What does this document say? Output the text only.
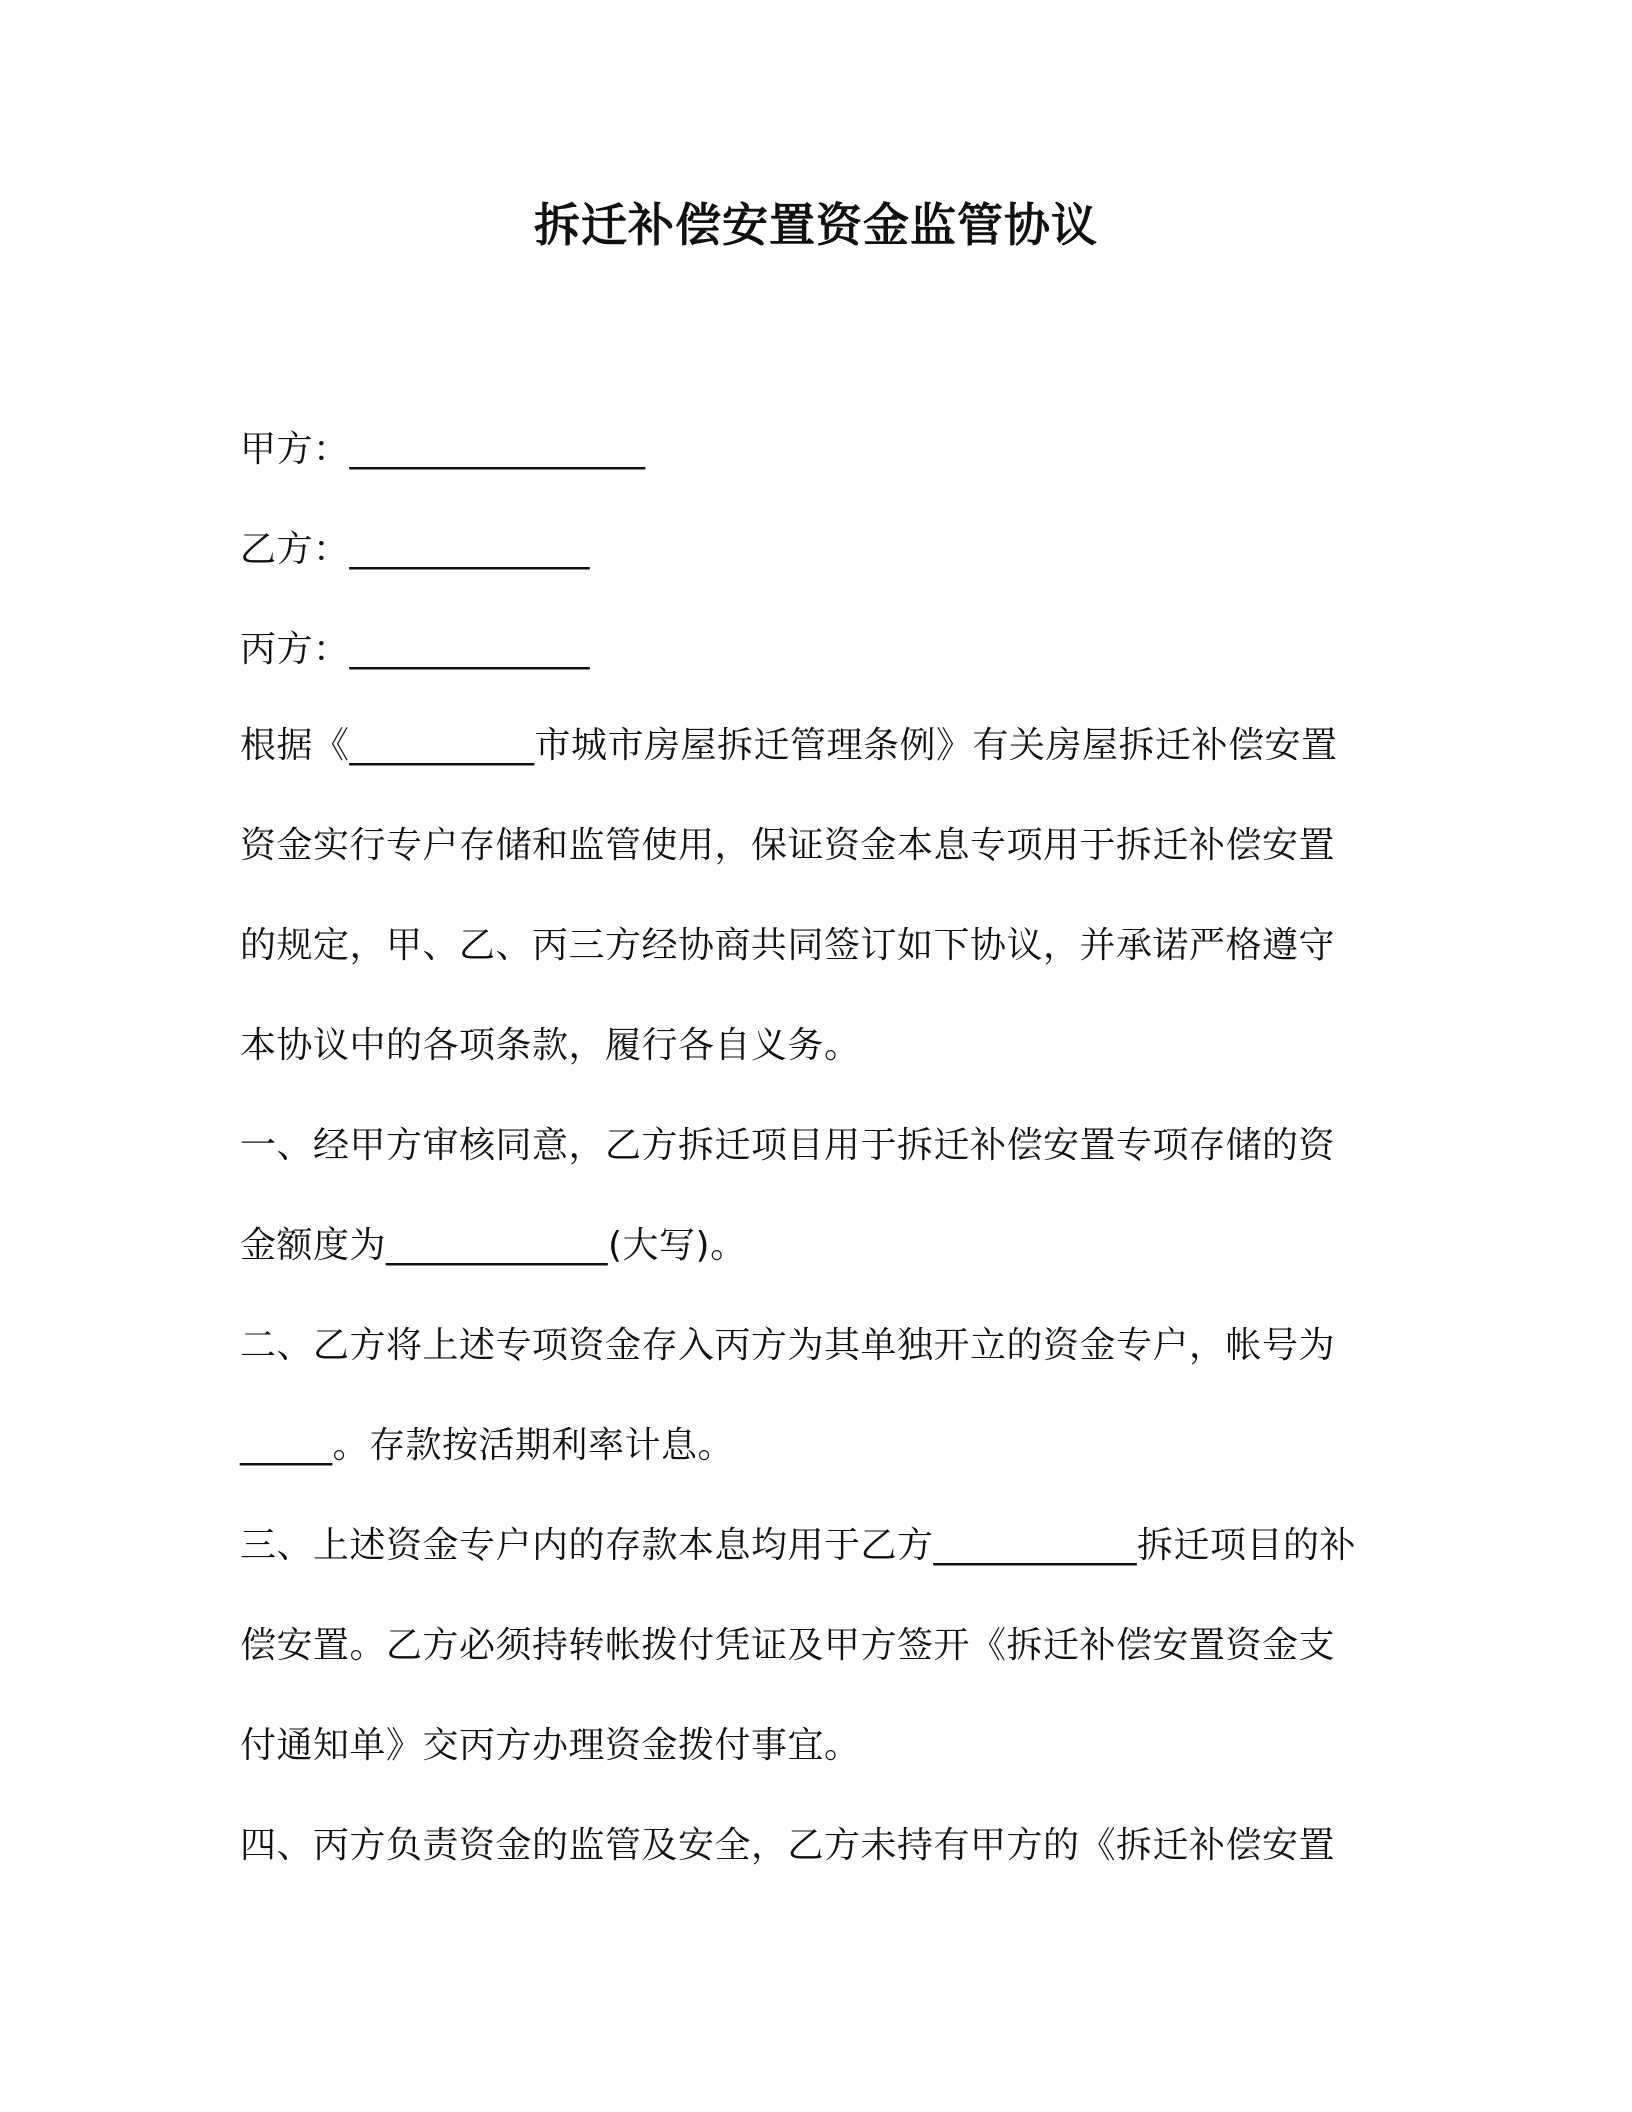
拆迁补偿安置资金监管协议
甲方：________________
乙方：_____________
丙方：_____________
根据《__________市城市房屋拆迁管理条例》有关房屋拆迁补偿安置
资金实行专户存储和监管使用，保证资金本息专项用于拆迁补偿安置
的规定，甲、乙、丙三方经协商共同签订如下协议，并承诺严格遵守
本协议中的各项条款，履行各自义务。
一、经甲方审核同意，乙方拆迁项目用于拆迁补偿安置专项存储的资
金额度为____________(大写)。
二、乙方将上述专项资金存入丙方为其单独开立的资金专户，帐号为
_____。存款按活期利率计息。
三、上述资金专户内的存款本息均用于乙方___________拆迁项目的补
偿安置。乙方必须持转帐拨付凭证及甲方签开《拆迁补偿安置资金支
付通知单》交丙方办理资金拨付事宜。
四、丙方负责资金的监管及安全，乙方未持有甲方的《拆迁补偿安置
